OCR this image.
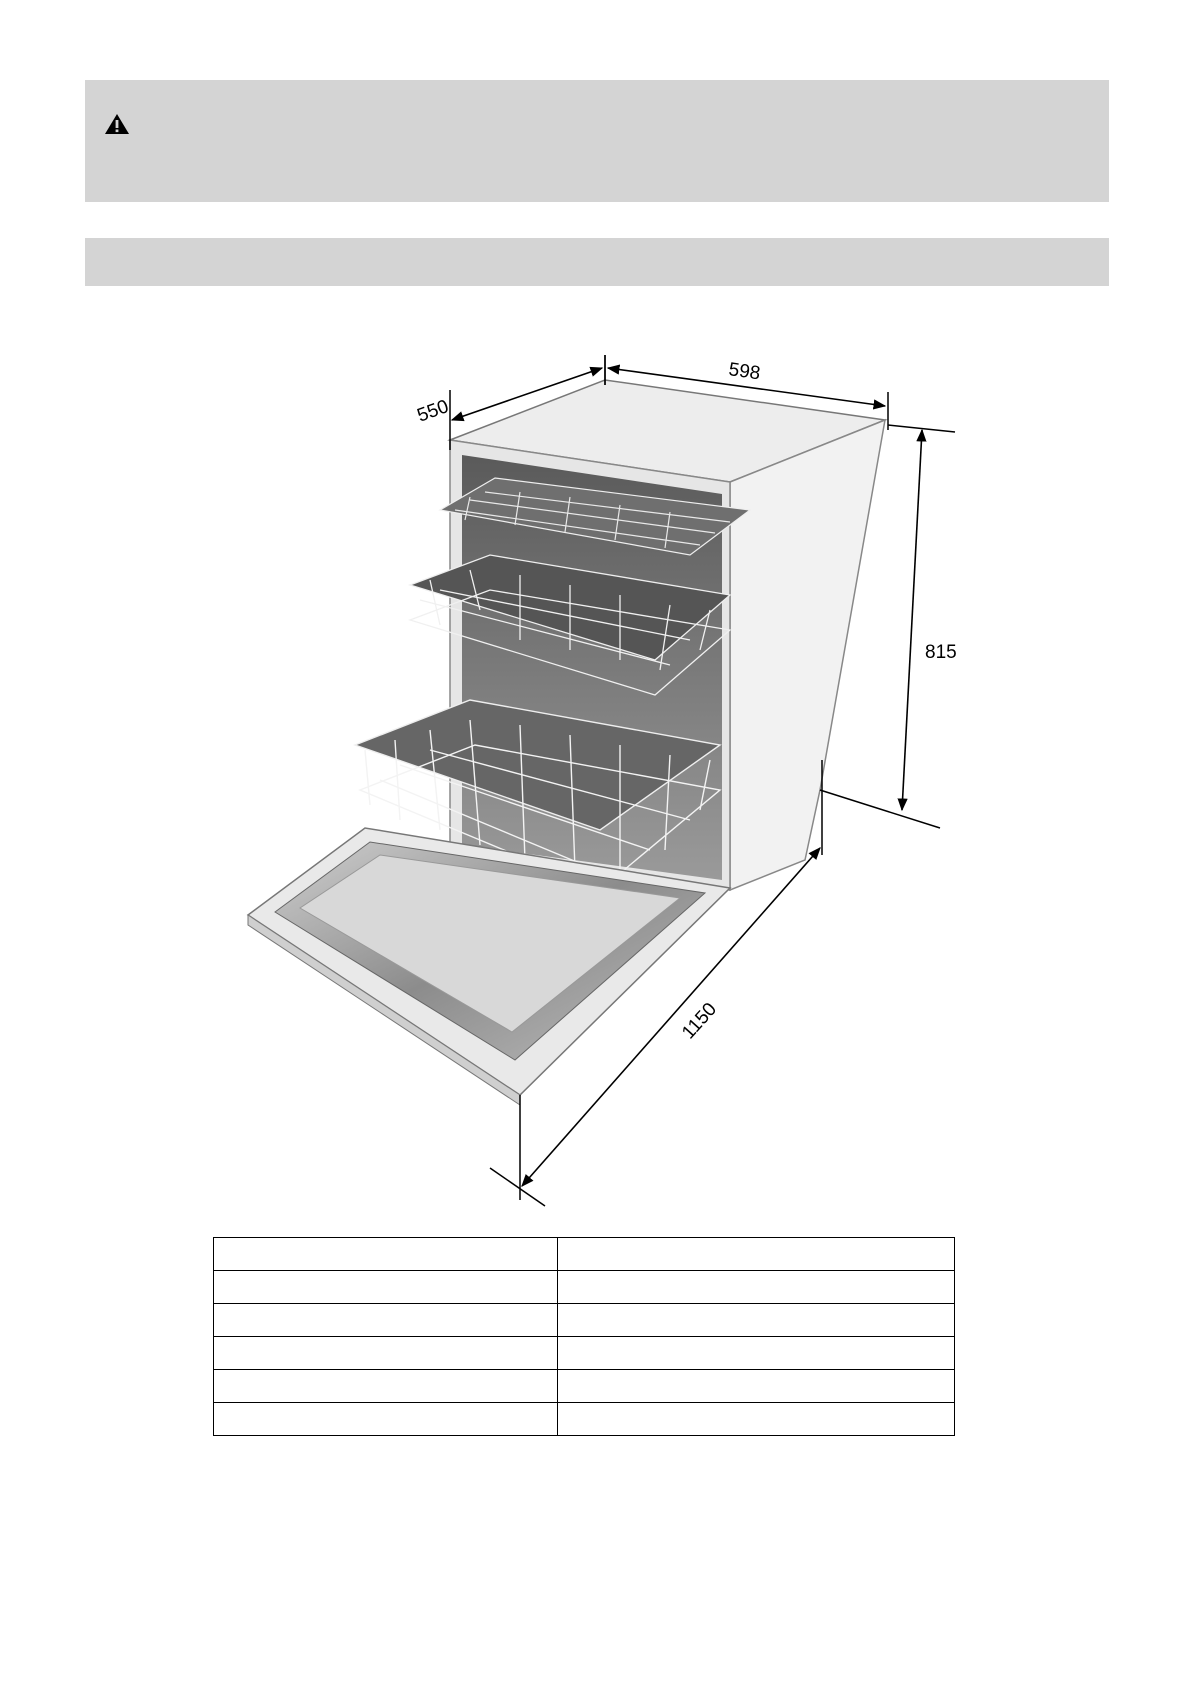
550
598
815
1150
